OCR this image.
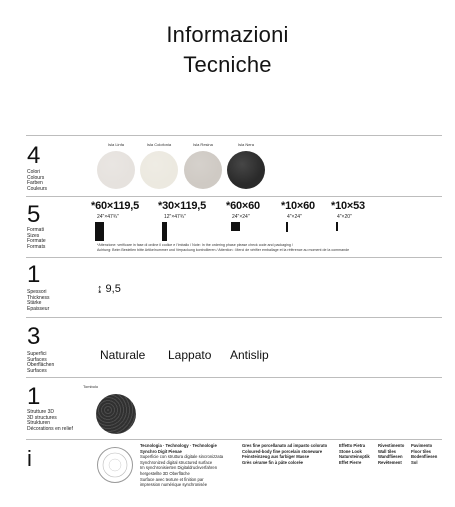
Informazioni
Tecniche
4
Colori
Colours
Farben
Couleurs
Isla Linfa	Isla Colofonia	Isla Resina	Isla Nera
5
Formati
Sizes
Formate
Formats
*60×119,5
24"×47¾"
*30×119,5
12"×47¾"
*60×60
24"×24"
*10×60
4"×24"
*10×53
4"×20"
*Attenzione: verificare in fase di ordine il codice e l'imballo / Note: In the ordering phase please check code and packaging /
Achtung: Beim Bestellen bitte Artikelnummer und Verpackung kontrollieren / Attention : Merci de vérifier emballage et la référence au moment de la commande
1
Spessori
Thickness
Stärke
Epaisseur
↨ 9,5
3
Superfici
Surfaces
Oberflächen
Surfaces
Naturale Lappato Antislip
1
Strutture 3D
3D structures
Strukturen
Décorations en relief
Tombolo
i
Tecnologia · Technology · Technologie
Synchro Digit Pienae
Superficie con struttura digitale sincronizzata
Synchronized digital structured surface
Im synchronisierten Digitaldruckverfahren
hergestellte 3D Oberfläche
Surface avec texture et finition par
impression numérique synchronisée
Gres fine porcellanato ad impasto colorato
Coloured-body fine porcelain stoneware
Feinsteinzeug aus farbiger Masse
Grès cérame fin à pâte colorée
Effetto Pietra
Stone Look
Natursteinoptik
Effet Pierre
Rivestimento
Wall tiles
Wandfliesen
Revêtement
Pavimento
Floor tiles
Bodenfliesen
Sol
